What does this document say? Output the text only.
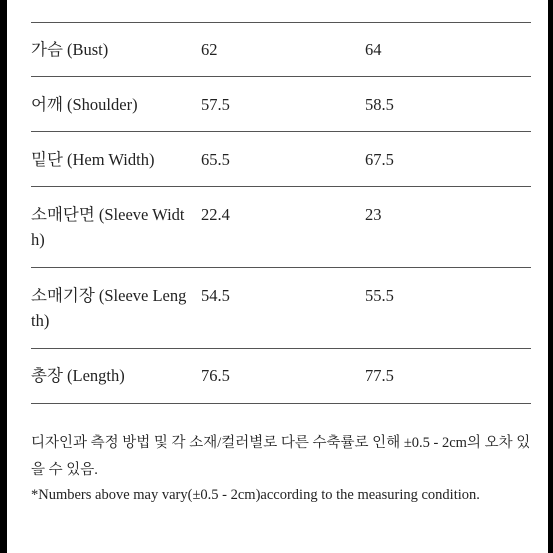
가슴 (Bust)	62	64
어깨 (Shoulder)	57.5	58.5
밑단 (Hem Width)	65.5	67.5
소매단면 (Sleeve Widt
h)
22.4	23
소매기장 (Sleeve Leng
th)
54.5	55.5
총장 (Length)	76.5	77.5
디자인과 측정 방법 및 각 소재/컬러별로 다른 수축률로 인해 ±0.5 - 2cm의 오차 있을 수 있음.
*Numbers above may vary(±0.5 - 2cm)according to the measuring condition.
